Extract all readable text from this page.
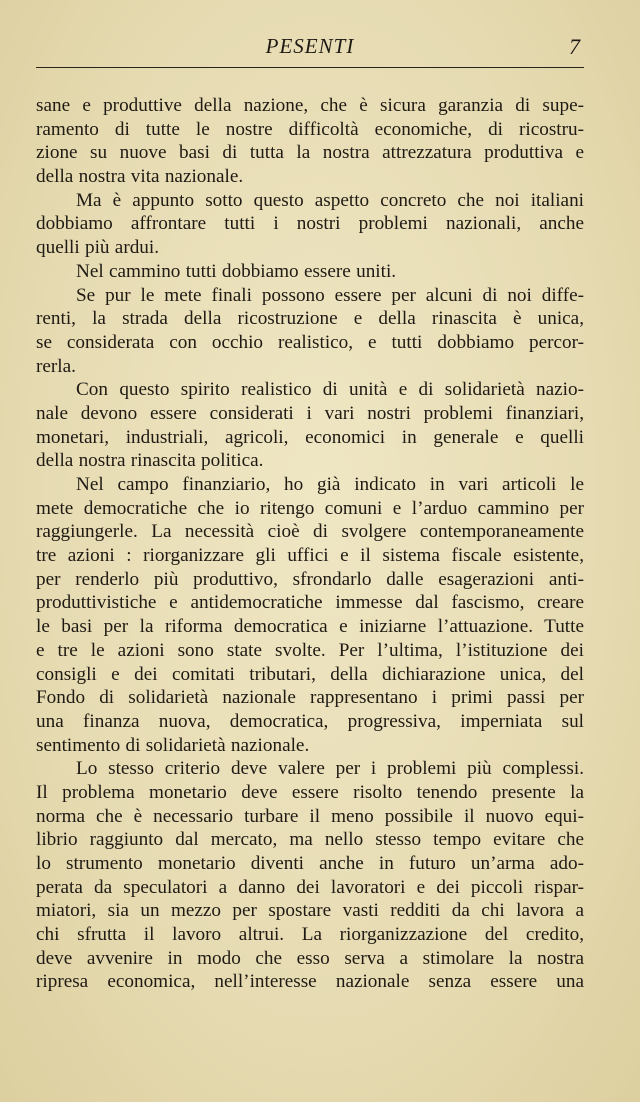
PESENTI	7
sane e produttive della nazione, che è sicura garanzia di supe-
ramento di tutte le nostre difficoltà economiche, di ricostru-
zione su nuove basi di tutta la nostra attrezzatura produttiva e
della nostra vita nazionale.
Ma è appunto sotto questo aspetto concreto che noi italiani
dobbiamo affrontare tutti i nostri problemi nazionali, anche
quelli più ardui.
Nel cammino tutti dobbiamo essere uniti.
Se pur le mete finali possono essere per alcuni di noi diffe-
renti, la strada della ricostruzione e della rinascita è unica,
se considerata con occhio realistico, e tutti dobbiamo percor-
rerla.
Con questo spirito realistico di unità e di solidarietà nazio-
nale devono essere considerati i vari nostri problemi finanziari,
monetari, industriali, agricoli, economici in generale e quelli
della nostra rinascita politica.
Nel campo finanziario, ho già indicato in vari articoli le
mete democratiche che io ritengo comuni e l’arduo cammino per
raggiungerle. La necessità cioè di svolgere contemporaneamente
tre azioni : riorganizzare gli uffici e il sistema fiscale esistente,
per renderlo più produttivo, sfrondarlo dalle esagerazioni anti-
produttivistiche e antidemocratiche immesse dal fascismo, creare
le basi per la riforma democratica e iniziarne l’attuazione. Tutte
e tre le azioni sono state svolte. Per l’ultima, l’istituzione dei
consigli e dei comitati tributari, della dichiarazione unica, del
Fondo di solidarietà nazionale rappresentano i primi passi per
una finanza nuova, democratica, progressiva, imperniata sul
sentimento di solidarietà nazionale.
Lo stesso criterio deve valere per i problemi più complessi.
Il problema monetario deve essere risolto tenendo presente la
norma che è necessario turbare il meno possibile il nuovo equi-
librio raggiunto dal mercato, ma nello stesso tempo evitare che
lo strumento monetario diventi anche in futuro un’arma ado-
perata da speculatori a danno dei lavoratori e dei piccoli rispar-
miatori, sia un mezzo per spostare vasti redditi da chi lavora a
chi sfrutta il lavoro altrui. La riorganizzazione del credito,
deve avvenire in modo che esso serva a stimolare la nostra
ripresa economica, nell’interesse nazionale senza essere una
